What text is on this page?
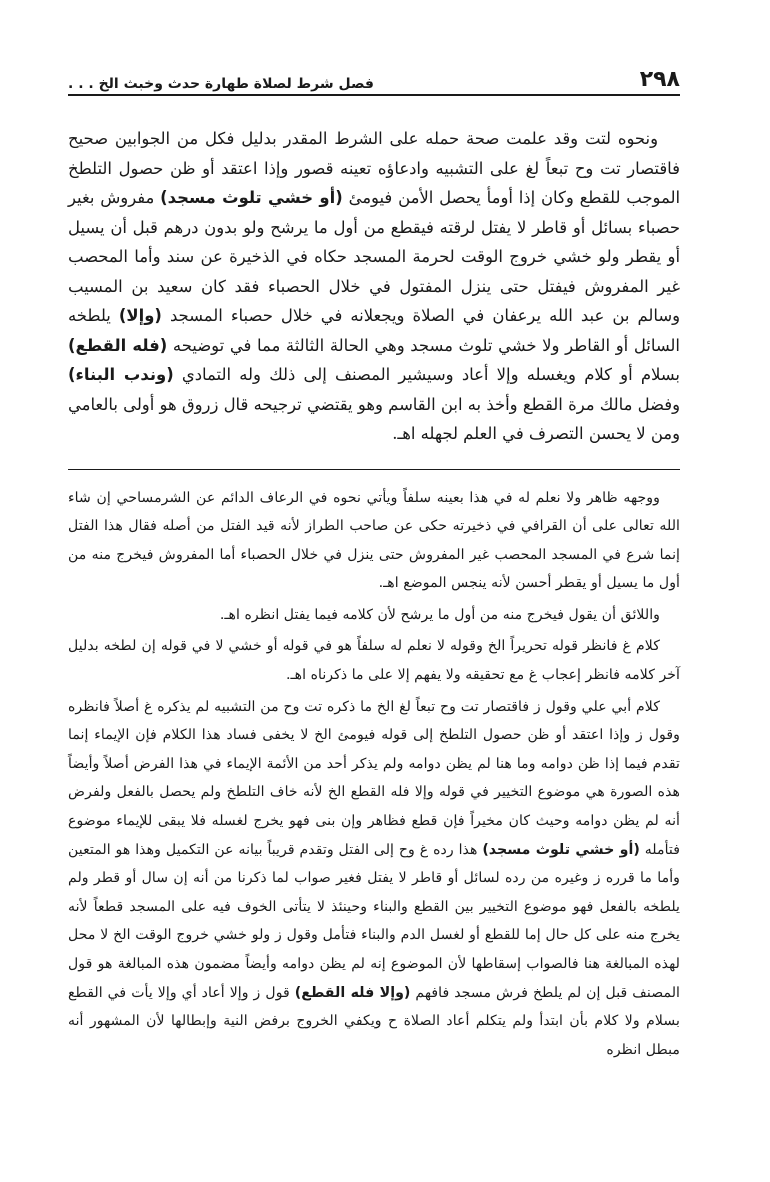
٢٩٨
فصل شرط لصلاة طهارة حدث وخبث الخ . . .

ونحوه لتت وقد علمت صحة حمله على الشرط المقدر بدليل فكل من الجوابين صحيح فاقتصار تت وح تبعاً لغ على التشبيه وادعاؤه تعينه قصور وإذا اعتقد أو ظن حصول التلطخ الموجب للقطع وكان إذا أومأ يحصل الأمن فيومئ (أو خشي تلوث مسجد) مفروش بغير حصباء بسائل أو قاطر لا يفتل لرقته فيقطع من أول ما يرشح ولو بدون درهم قبل أن يسيل أو يقطر ولو خشي خروج الوقت لحرمة المسجد حكاه في الذخيرة عن سند وأما المحصب غير المفروش فيفتل حتى ينزل المفتول في خلال الحصباء فقد كان سعيد بن المسيب وسالم بن عبد الله يرعفان في الصلاة ويجعلانه في خلال حصباء المسجد (وإلا) يلطخه السائل أو القاطر ولا خشي تلوث مسجد وهي الحالة الثالثة مما في توضيحه (فله القطع) بسلام أو كلام ويغسله وإلا أعاد وسيشير المصنف إلى ذلك وله التمادي (وندب البناء) وفضل مالك مرة القطع وأخذ به ابن القاسم وهو يقتضي ترجيحه قال زروق هو أولى بالعامي ومن لا يحسن التصرف في العلم لجهله اهـ.

ووجهه ظاهر ولا نعلم له في هذا بعينه سلفاً ويأتي نحوه في الرعاف الدائم عن الشرمساحي إن شاء الله تعالى على أن القرافي في ذخيرته حكى عن صاحب الطراز لأنه قيد الفتل من أصله فقال هذا الفتل إنما شرع في المسجد المحصب غير المفروش حتى ينزل في خلال الحصباء أما المفروش فيخرج منه من أول ما يسيل أو يقطر أحسن لأنه ينجس الموضع اهـ.

واللائق أن يقول فيخرج منه من أول ما يرشح لأن كلامه فيما يفتل انظره اهـ.

كلام غ فانظر قوله تحريراً الخ وقوله لا نعلم له سلفاً هو في قوله أو خشي لا في قوله إن لطخه بدليل آخر كلامه فانظر إعجاب غ مع تحقيقه ولا يفهم إلا على ما ذكرناه اهـ.

كلام أبي علي وقول ز فاقتصار تت وح تبعاً لغ الخ ما ذكره تت وح من التشبيه لم يذكره غ أصلاً فانظره وقول ز وإذا اعتقد أو ظن حصول التلطخ إلى قوله فيومئ الخ لا يخفى فساد هذا الكلام فإن الإيماء إنما تقدم فيما إذا ظن دوامه وما هنا لم يظن دوامه ولم يذكر أحد من الأئمة الإيماء في هذا الفرض أصلاً وأيضاً هذه الصورة هي موضوع التخيير في قوله وإلا فله القطع الخ لأنه خاف التلطخ ولم يحصل بالفعل ولفرض أنه لم يظن دوامه وحيث كان مخيراً فإن قطع فظاهر وإن بنى فهو يخرج لغسله فلا يبقى للإيماء موضوع فتأمله (أو خشي تلوث مسجد) هذا رده غ وح إلى الفتل وتقدم قريباً بيانه عن التكميل وهذا هو المتعين وأما ما قرره ز وغيره من رده لسائل أو قاطر لا يفتل فغير صواب لما ذكرنا من أنه إن سال أو قطر ولم يلطخه بالفعل فهو موضوع التخيير بين القطع والبناء وحينئذ لا يتأتى الخوف فيه على المسجد قطعاً لأنه يخرج منه على كل حال إما للقطع أو لغسل الدم والبناء فتأمل وقول ز ولو خشي خروج الوقت الخ لا محل لهذه المبالغة هنا فالصواب إسقاطها لأن الموضوع إنه لم يظن دوامه وأيضاً مضمون هذه المبالغة هو قول المصنف قبل إن لم يلطخ فرش مسجد فافهم (وإلا فله القطع) قول ز وإلا أعاد أي وإلا يأت في القطع بسلام ولا كلام بأن ابتدأ ولم يتكلم أعاد الصلاة ح ويكفي الخروج برفض النية وإبطالها لأن المشهور أنه مبطل انظره
